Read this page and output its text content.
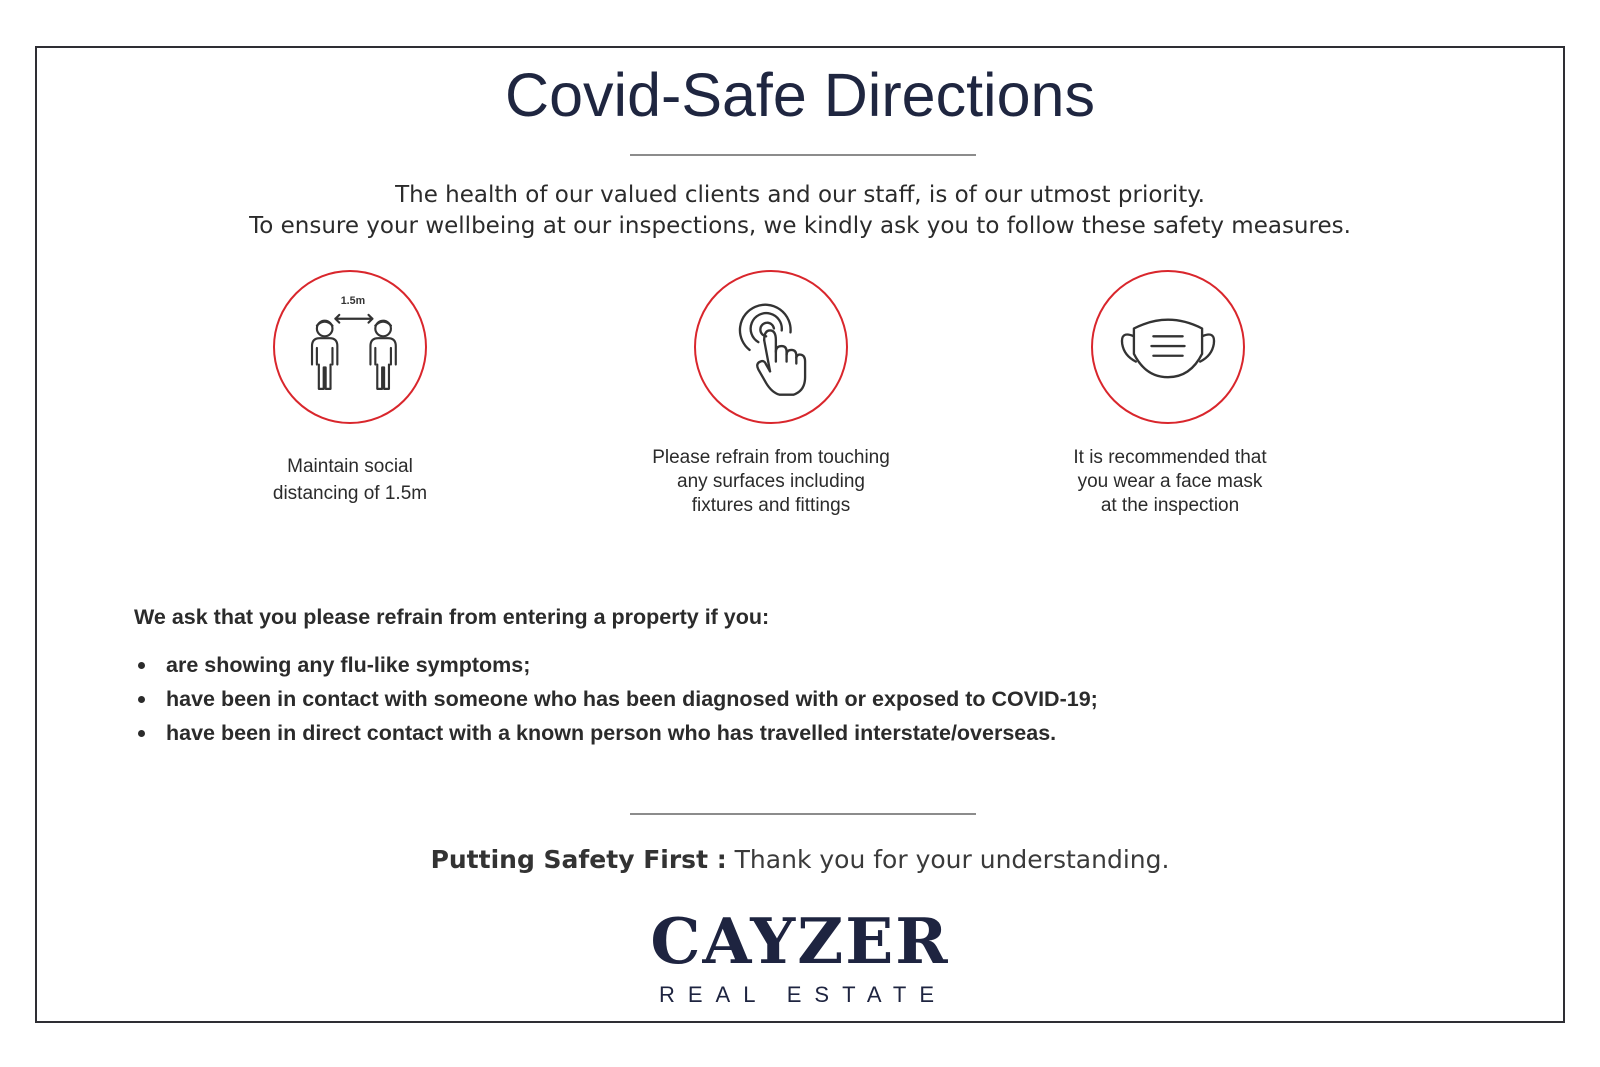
Covid-Safe Directions
The health of our valued clients and our staff, is of our utmost priority.
To ensure your wellbeing at our inspections, we kindly ask you to follow these safety measures.
1.5m
Maintain social
distancing of 1.5m
Please refrain from touching
any surfaces including
fixtures and fittings
It is recommended that
you wear a face mask
at the inspection
We ask that you please refrain from entering a property if you:
are showing any flu-like symptoms;
have been in contact with someone who has been diagnosed with or exposed to COVID-19;
have been in direct contact with a known person who has travelled interstate/overseas.
Putting Safety First : Thank you for your understanding.
CAYZER
REAL ESTATE
